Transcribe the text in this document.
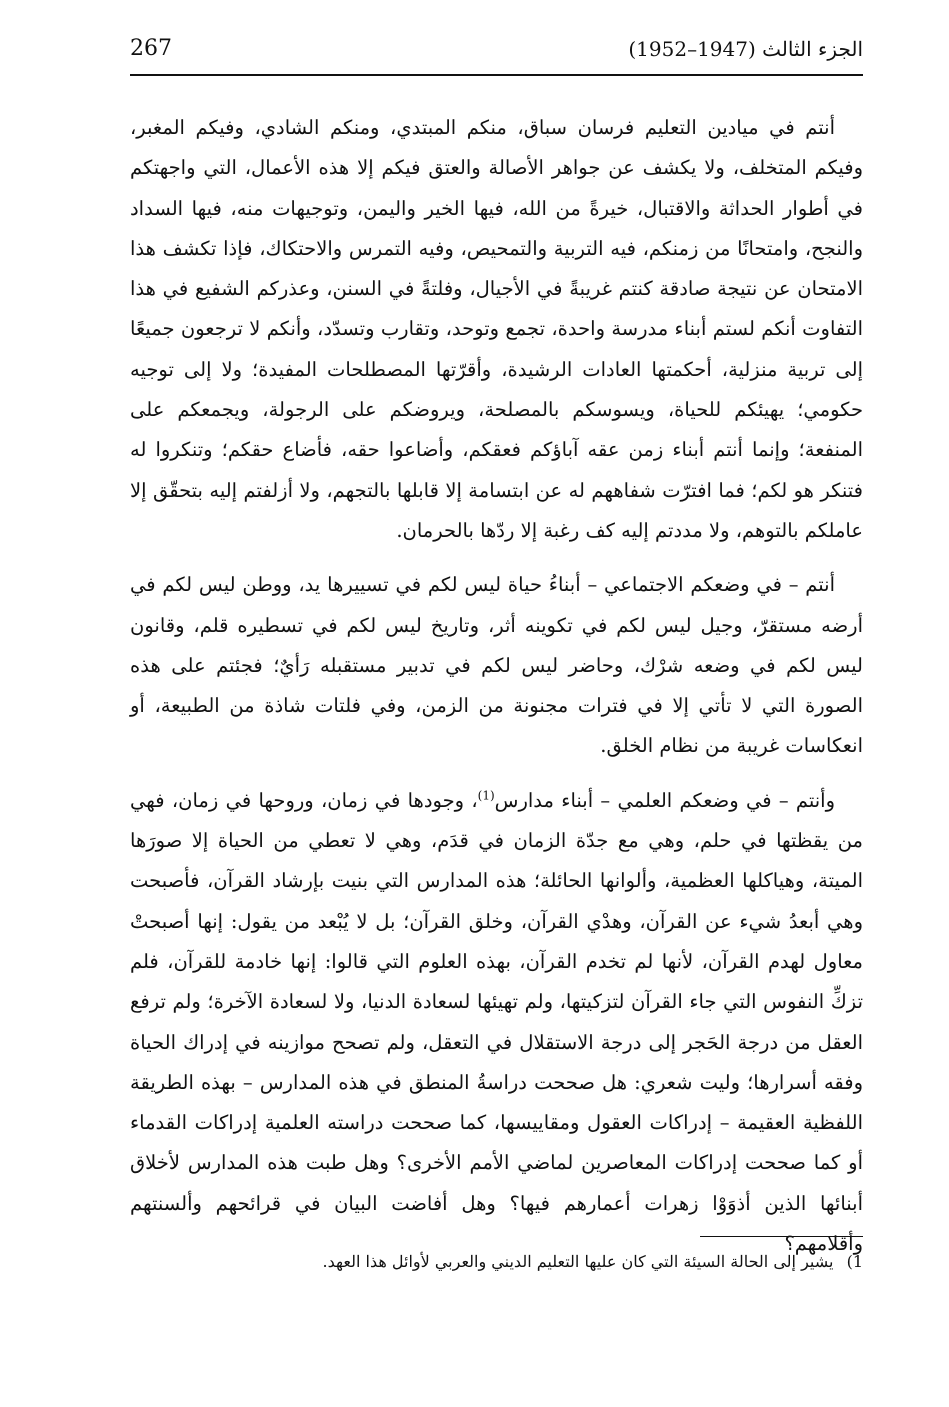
267	الجزء الثالث (1947–1952)

أنتم في ميادين التعليم فرسان سباق، منكم المبتدي، ومنكم الشادي، وفيكم المغبر، وفيكم المتخلف، ولا يكشف عن جواهر الأصالة والعتق فيكم إلا هذه الأعمال، التي واجهتكم في أطوار الحداثة والاقتبال، خيرةً من الله، فيها الخير واليمن، وتوجيهات منه، فيها السداد والنجح، وامتحانًا من زمنكم، فيه التربية والتمحيص، وفيه التمرس والاحتكاك، فإذا تكشف هذا الامتحان عن نتيجة صادقة كنتم غريبةً في الأجيال، وفلتةً في السنن، وعذركم الشفيع في هذا التفاوت أنكم لستم أبناء مدرسة واحدة، تجمع وتوحد، وتقارب وتسدّد، وأنكم لا ترجعون جميعًا إلى تربية منزلية، أحكمتها العادات الرشيدة، وأقرّتها المصطلحات المفيدة؛ ولا إلى توجيه حكومي؛ يهيئكم للحياة، ويسوسكم بالمصلحة، ويروضكم على الرجولة، ويجمعكم على المنفعة؛ وإنما أنتم أبناء زمن عقه آباؤكم فعقكم، وأضاعوا حقه، فأضاع حقكم؛ وتنكروا له فتنكر هو لكم؛ فما افترّت شفاههم له عن ابتسامة إلا قابلها بالتجهم، ولا أزلفتم إليه بتحقّق إلا عاملكم بالتوهم، ولا مددتم إليه كف رغبة إلا ردّها بالحرمان.

أنتم – في وضعكم الاجتماعي – أبناءُ حياة ليس لكم في تسييرها يد، ووطن ليس لكم في أرضه مستقرّ، وجيل ليس لكم في تكوينه أثر، وتاريخ ليس لكم في تسطيره قلم، وقانون ليس لكم في وضعه شرْك، وحاضر ليس لكم في تدبير مستقبله رَأيٌ؛ فجئتم على هذه الصورة التي لا تأتي إلا في فترات مجنونة من الزمن، وفي فلتات شاذة من الطبيعة، أو انعكاسات غريبة من نظام الخلق.

وأنتم – في وضعكم العلمي – أبناء مدارس$^{(1)}$، وجودها في زمان، وروحها في زمان، فهي من يقظتها في حلم، وهي مع جدّة الزمان في قدَم، وهي لا تعطي من الحياة إلا صورَها الميتة، وهياكلها العظمية، وألوانها الحائلة؛ هذه المدارس التي بنيت بإرشاد القرآن، فأصبحت وهي أبعدُ شيء عن القرآن، وهدْي القرآن، وخلق القرآن؛ بل لا يُبْعد من يقول: إنها أصبحتْ معاول لهدم القرآن، لأنها لم تخدم القرآن، بهذه العلوم التي قالوا: إنها خادمة للقرآن، فلم تزكِّ النفوس التي جاء القرآن لتزكيتها، ولم تهيئها لسعادة الدنيا، ولا لسعادة الآخرة؛ ولم ترفع العقل من درجة الحَجر إلى درجة الاستقلال في التعقل، ولم تصحح موازينه في إدراك الحياة وفقه أسرارها؛ وليت شعري: هل صححت دراسةُ المنطق في هذه المدارس – بهذه الطريقة اللفظية العقيمة – إدراكات العقول ومقاييسها، كما صححت دراسته العلمية إدراكات القدماء أو كما صححت إدراكات المعاصرين لماضي الأمم الأخرى؟ وهل طبت هذه المدارس لأخلاق أبنائها الذين أذوَوْا زهرات أعمارهم فيها؟ وهل أفاضت البيان في قرائحهم وألسنتهم وأقلامهم؟

1) يشير إلى الحالة السيئة التي كان عليها التعليم الديني والعربي لأوائل هذا العهد.
